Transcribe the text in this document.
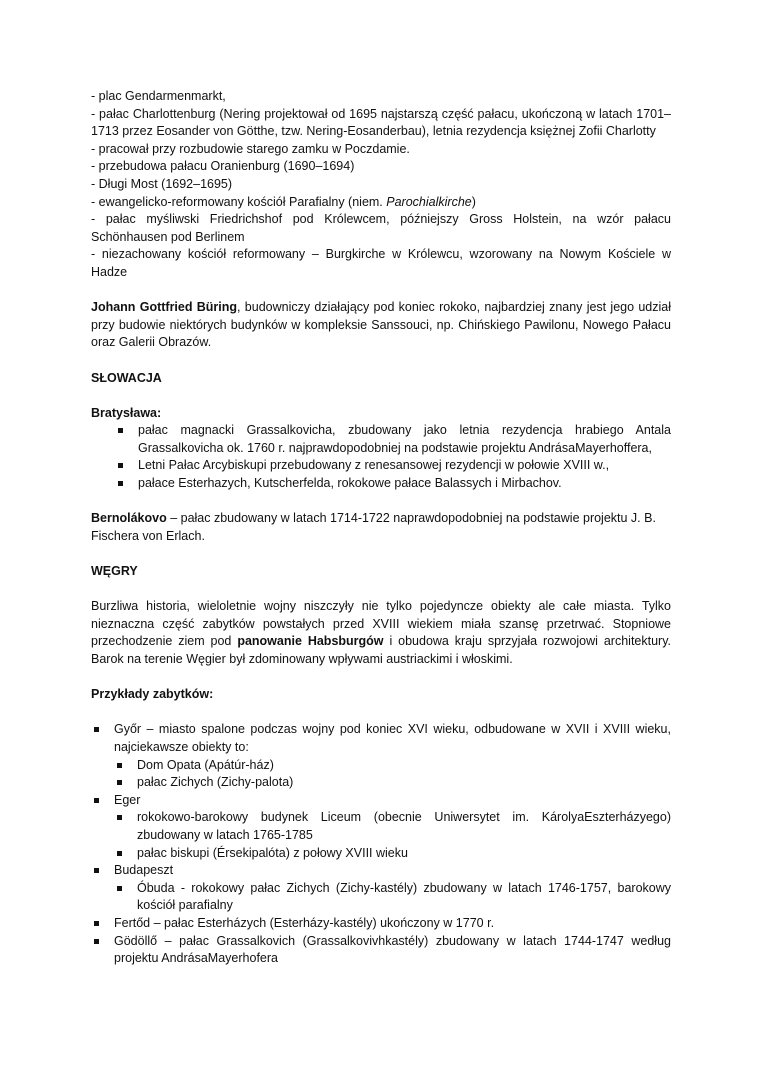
- plac Gendarmenmarkt,

- pałac Charlottenburg (Nering projektował od 1695 najstarszą część pałacu, ukończoną w latach 1701–1713 przez Eosander von Götthe, tzw. Nering-Eosanderbau), letnia rezydencja księżnej Zofii Charlotty

- pracował przy rozbudowie starego zamku w Poczdamie.

- przebudowa pałacu Oranienburg (1690–1694)

- Długi Most (1692–1695)

- ewangelicko-reformowany kościół Parafialny (niem. Parochialkirche)

- pałac myśliwski Friedrichshof pod Królewcem, późniejszy Gross Holstein, na wzór pałacu Schönhausen pod Berlinem

- niezachowany kościół reformowany – Burgkirche w Królewcu, wzorowany na Nowym Kościele w Hadze

Johann Gottfried Büring, budowniczy działający pod koniec rokoko, najbardziej znany jest jego udział przy budowie niektórych budynków w kompleksie Sanssouci, np. Chińskiego Pawilonu, Nowego Pałacu oraz Galerii Obrazów.

SŁOWACJA

Bratysława:

pałac magnacki Grassalkovicha, zbudowany jako letnia rezydencja hrabiego Antala Grassalkovicha ok. 1760 r. najprawdopodobniej na podstawie projektu AndrásaMayerhoffera,
Letni Pałac Arcybiskupi przebudowany z renesansowej rezydencji w połowie XVIII w.,
pałace Esterhazych, Kutscherfelda, rokokowe pałace Balassych i Mirbachov.

Bernolákovo – pałac zbudowany w latach 1714-1722 naprawdopodobniej na podstawie projektu J. B. Fischera von Erlach.

WĘGRY

Burzliwa historia, wieloletnie wojny niszczyły nie tylko pojedyncze obiekty ale całe miasta. Tylko nieznaczna część zabytków powstałych przed XVIII wiekiem miała szansę przetrwać. Stopniowe przechodzenie ziem pod panowanie Habsburgów i obudowa kraju sprzyjała rozwojowi architektury. Barok na terenie Węgier był zdominowany wpływami austriackimi i włoskimi.

Przykłady zabytków:

Győr – miasto spalone podczas wojny pod koniec XVI wieku, odbudowane w XVII i XVIII wieku, najciekawsze obiekty to:
Dom Opata (Apátúr-ház)
pałac Zichych (Zichy-palota)
Eger
rokokowo-barokowy budynek Liceum (obecnie Uniwersytet im. KárolyaEszterházyego) zbudowany w latach 1765-1785
pałac biskupi (Érsekipalóta) z połowy XVIII wieku
Budapeszt
Óbuda - rokokowy pałac Zichych (Zichy-kastély) zbudowany w latach 1746-1757, barokowy kościół parafialny
Fertőd – pałac Esterházych (Esterházy-kastély) ukończony w 1770 r.
Gödöllő – pałac Grassalkovich (Grassalkovivhkastély) zbudowany w latach 1744-1747 według projektu AndrásaMayerhofera
